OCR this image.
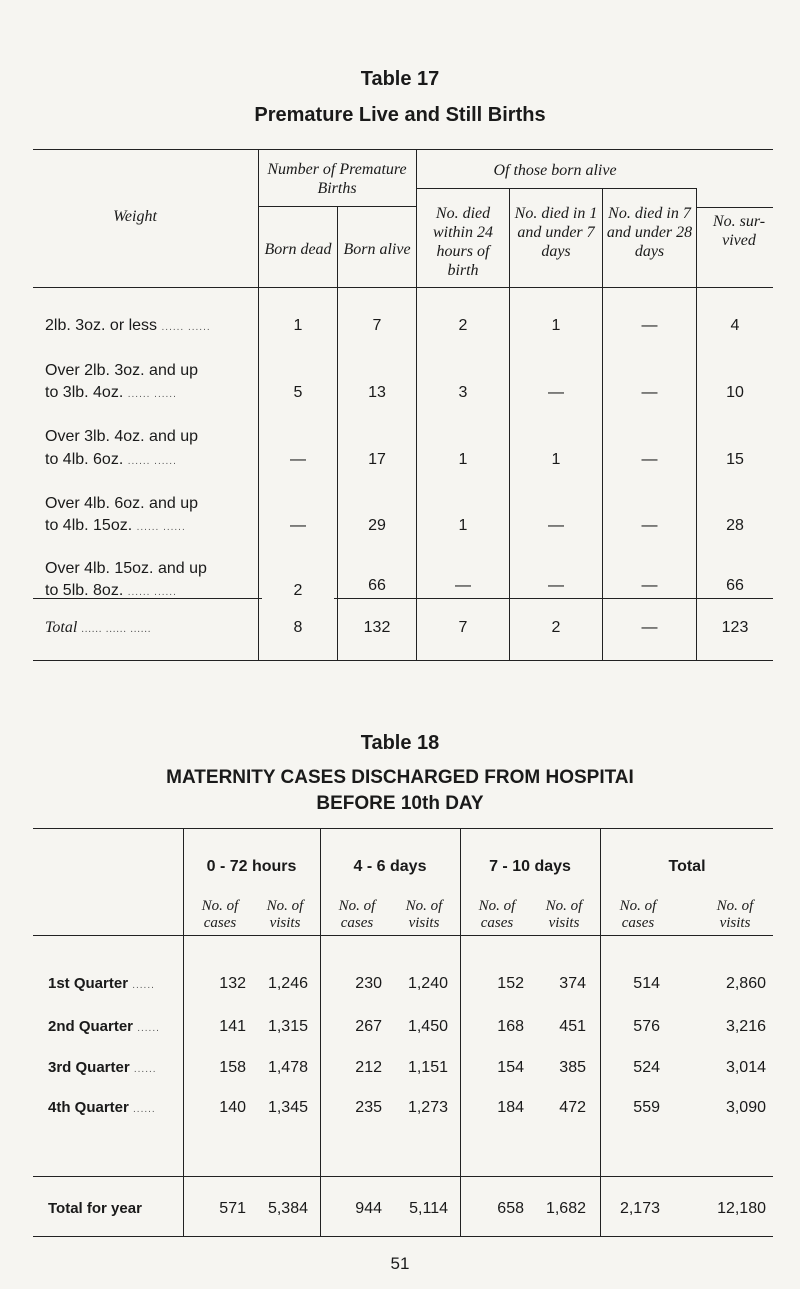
Table 17
Premature Live and Still Births
Weight
Number of Premature Births
Born dead Born alive
Of those born alive
No. died within 24 hours of birth
No. died in 1 and under 7 days
No. died in 7 and under 28 days
No. sur- vived
2lb. 3oz. or less ...... ......	1	7	2	1	—	4
Over 2lb. 3oz. and up
to 3lb. 4oz. ...... ......	5	13	3	—	—	10
Over 3lb. 4oz. and up
to 4lb. 6oz. ...... ......	—	17	1	1	—	15
Over 4lb. 6oz. and up
to 4lb. 15oz. ...... ......	—	29	1	—	—	28
Over 4lb. 15oz. and up
to 5lb. 8oz. ...... ......	2	66	—	—	—	66
Total ...... ...... ......	8	132	7	2	—	123
Table 18
MATERNITY CASES DISCHARGED FROM HOSPITAI
BEFORE 10th DAY
0 - 72 hours	4 - 6 days	7 - 10 days	Total
No. of cases
No. of visits
No. of cases
No. of visits
No. of cases
No. of visits
No. of cases
No. of visits
1st Quarter ......	132	1,246	230	1,240	152	374	514	2,860
2nd Quarter ......	141	1,315	267	1,450	168	451	576	3,216
3rd Quarter ......	158	1,478	212	1,151	154	385	524	3,014
4th Quarter ......	140	1,345	235	1,273	184	472	559	3,090
Total for year	571	5,384	944	5,114	658	1,682	2,173	12,180
51
